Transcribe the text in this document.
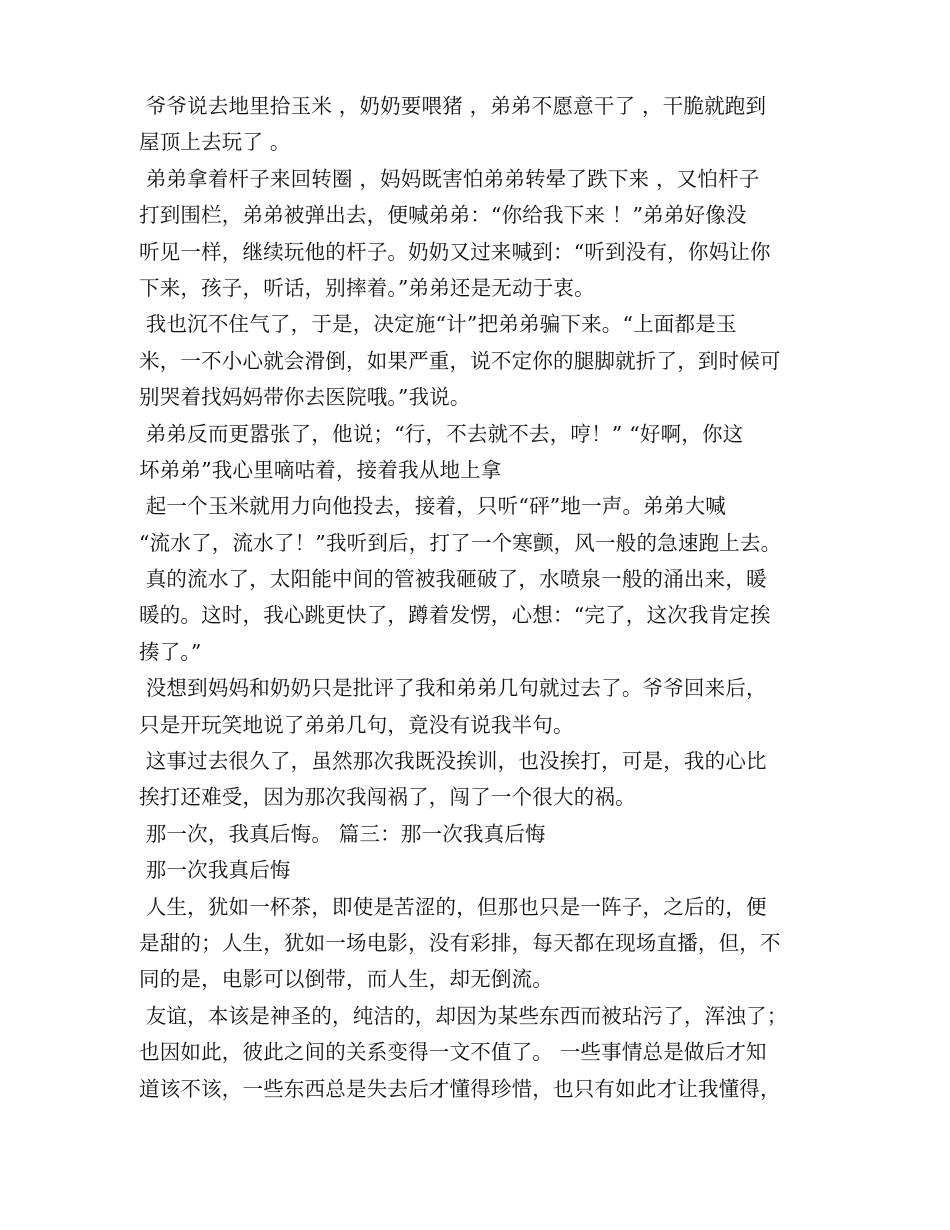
爷爷说去地里拾玉米 ，奶奶要喂猪 ，弟弟不愿意干了 ，干脆就跑到
屋顶上去玩了 。
弟弟拿着杆子来回转圈 ，妈妈既害怕弟弟转晕了跌下来 ，又怕杆子
打到围栏，弟弟被弹出去，便喊弟弟：“你给我下来 ！”弟弟好像没
听见一样，继续玩他的杆子。奶奶又过来喊到：“听到没有，你妈让你
下来，孩子，听话，别摔着。”弟弟还是无动于衷。
我也沉不住气了，于是，决定施“计”把弟弟骗下来。“上面都是玉
米，一不小心就会滑倒，如果严重，说不定你的腿脚就折了，到时候可
别哭着找妈妈带你去医院哦。”我说。
弟弟反而更嚣张了，他说；“行，不去就不去，哼！” “好啊，你这
坏弟弟”我心里嘀咕着，接着我从地上拿
起一个玉米就用力向他投去，接着，只听“砰”地一声。弟弟大喊
“流水了，流水了！”我听到后，打了一个寒颤，风一般的急速跑上去。
真的流水了，太阳能中间的管被我砸破了，水喷泉一般的涌出来，暖
暖的。这时，我心跳更快了，蹲着发愣，心想：“完了，这次我肯定挨
揍了。”
没想到妈妈和奶奶只是批评了我和弟弟几句就过去了。爷爷回来后，
只是开玩笑地说了弟弟几句，竟没有说我半句。
这事过去很久了，虽然那次我既没挨训，也没挨打，可是，我的心比
挨打还难受，因为那次我闯祸了，闯了一个很大的祸。
那一次，我真后悔。 篇三：那一次我真后悔
那一次我真后悔
人生，犹如一杯茶，即使是苦涩的，但那也只是一阵子，之后的，便
是甜的；人生，犹如一场电影，没有彩排，每天都在现场直播，但，不
同的是，电影可以倒带，而人生，却无倒流。
友谊，本该是神圣的，纯洁的，却因为某些东西而被玷污了，浑浊了；
也因如此，彼此之间的关系变得一文不值了。 一些事情总是做后才知
道该不该，一些东西总是失去后才懂得珍惜，也只有如此才让我懂得，
